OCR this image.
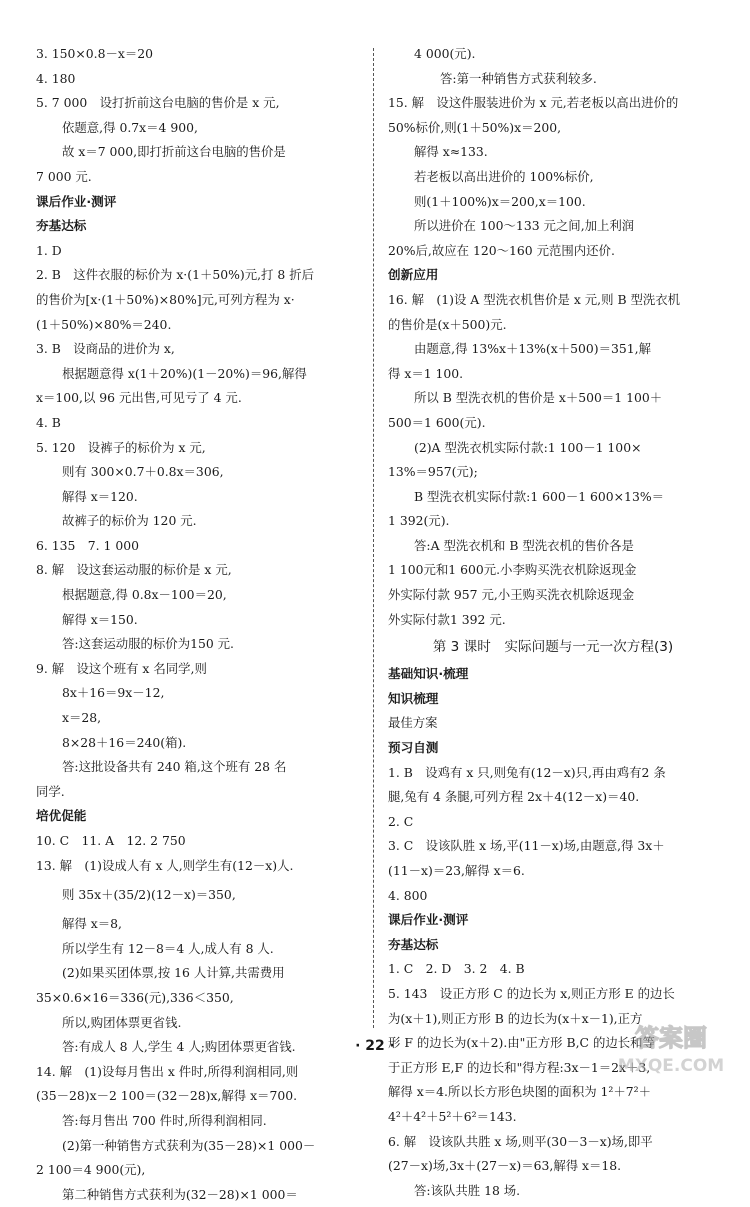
3. 150×0.8－x＝20
4. 180
5. 7 000　设打折前这台电脑的售价是 x 元,
依题意,得 0.7x＝4 900,
故 x＝7 000,即打折前这台电脑的售价是
7 000 元.
课后作业·测评
夯基达标
1. D
2. B　这件衣服的标价为 x·(1＋50%)元,打 8 折后
的售价为[x·(1＋50%)×80%]元,可列方程为 x·
(1＋50%)×80%＝240.
3. B　设商品的进价为 x,
根据题意得 x(1＋20%)(1－20%)＝96,解得
x＝100,以 96 元出售,可见亏了 4 元.
4. B
5. 120　设裤子的标价为 x 元,
则有 300×0.7＋0.8x＝306,
解得 x＝120.
故裤子的标价为 120 元.
6. 135　7. 1 000
8. 解　设这套运动服的标价是 x 元,
根据题意,得 0.8x－100＝20,
解得 x＝150.
答:这套运动服的标价为150 元.
9. 解　设这个班有 x 名同学,则
8x＋16＝9x－12,
x＝28,
8×28＋16＝240(箱).
答:这批设备共有 240 箱,这个班有 28 名
同学.
培优促能
10. C　11. A　12. 2 750
13. 解　(1)设成人有 x 人,则学生有(12－x)人.
则 35x＋(35/2)(12－x)＝350,
解得 x＝8,
所以学生有 12－8＝4 人,成人有 8 人.
(2)如果买团体票,按 16 人计算,共需费用
35×0.6×16＝336(元),336＜350,
所以,购团体票更省钱.
答:有成人 8 人,学生 4 人;购团体票更省钱.
14. 解　(1)设每月售出 x 件时,所得利润相同,则
(35－28)x－2 100＝(32－28)x,解得 x＝700.
答:每月售出 700 件时,所得利润相同.
(2)第一种销售方式获利为(35－28)×1 000－
2 100＝4 900(元),
第二种销售方式获利为(32－28)×1 000＝
4 000(元).
答:第一种销售方式获利较多.
15. 解　设这件服装进价为 x 元,若老板以高出进价的
50%标价,则(1＋50%)x＝200,
解得 x≈133.
若老板以高出进价的 100%标价,
则(1＋100%)x＝200,x＝100.
所以进价在 100～133 元之间,加上利润
20%后,故应在 120～160 元范围内还价.
创新应用
16. 解　(1)设 A 型洗衣机售价是 x 元,则 B 型洗衣机
的售价是(x＋500)元.
由题意,得 13%x＋13%(x＋500)＝351,解
得 x＝1 100.
所以 B 型洗衣机的售价是 x＋500＝1 100＋
500＝1 600(元).
(2)A 型洗衣机实际付款:1 100－1 100×
13%＝957(元);
B 型洗衣机实际付款:1 600－1 600×13%＝
1 392(元).
答:A 型洗衣机和 B 型洗衣机的售价各是
1 100元和1 600元.小李购买洗衣机除返现金
外实际付款 957 元,小王购买洗衣机除返现金
外实际付款1 392 元.
第 3 课时　实际问题与一元一次方程(3)
基础知识·梳理
知识梳理
最佳方案
预习自测
1. B　设鸡有 x 只,则兔有(12－x)只,再由鸡有2 条
腿,兔有 4 条腿,可列方程 2x＋4(12－x)＝40.
2. C
3. C　设该队胜 x 场,平(11－x)场,由题意,得 3x＋
(11－x)＝23,解得 x＝6.
4. 800
课后作业·测评
夯基达标
1. C　2. D　3. 2　4. B
5. 143　设正方形 C 的边长为 x,则正方形 E 的边长
为(x＋1),则正方形 B 的边长为(x＋x－1),正方
形 F 的边长为(x＋2).由"正方形 B,C 的边长和等
于正方形 E,F 的边长和"得方程:3x－1＝2x＋3,
解得 x＝4.所以长方形色块图的面积为 1²＋7²＋
4²＋4²＋5²＋6²＝143.
6. 解　设该队共胜 x 场,则平(30－3－x)场,即平
(27－x)场,3x＋(27－x)＝63,解得 x＝18.
答:该队共胜 18 场.
· 22 ·	答案圈
MXQE.COM
